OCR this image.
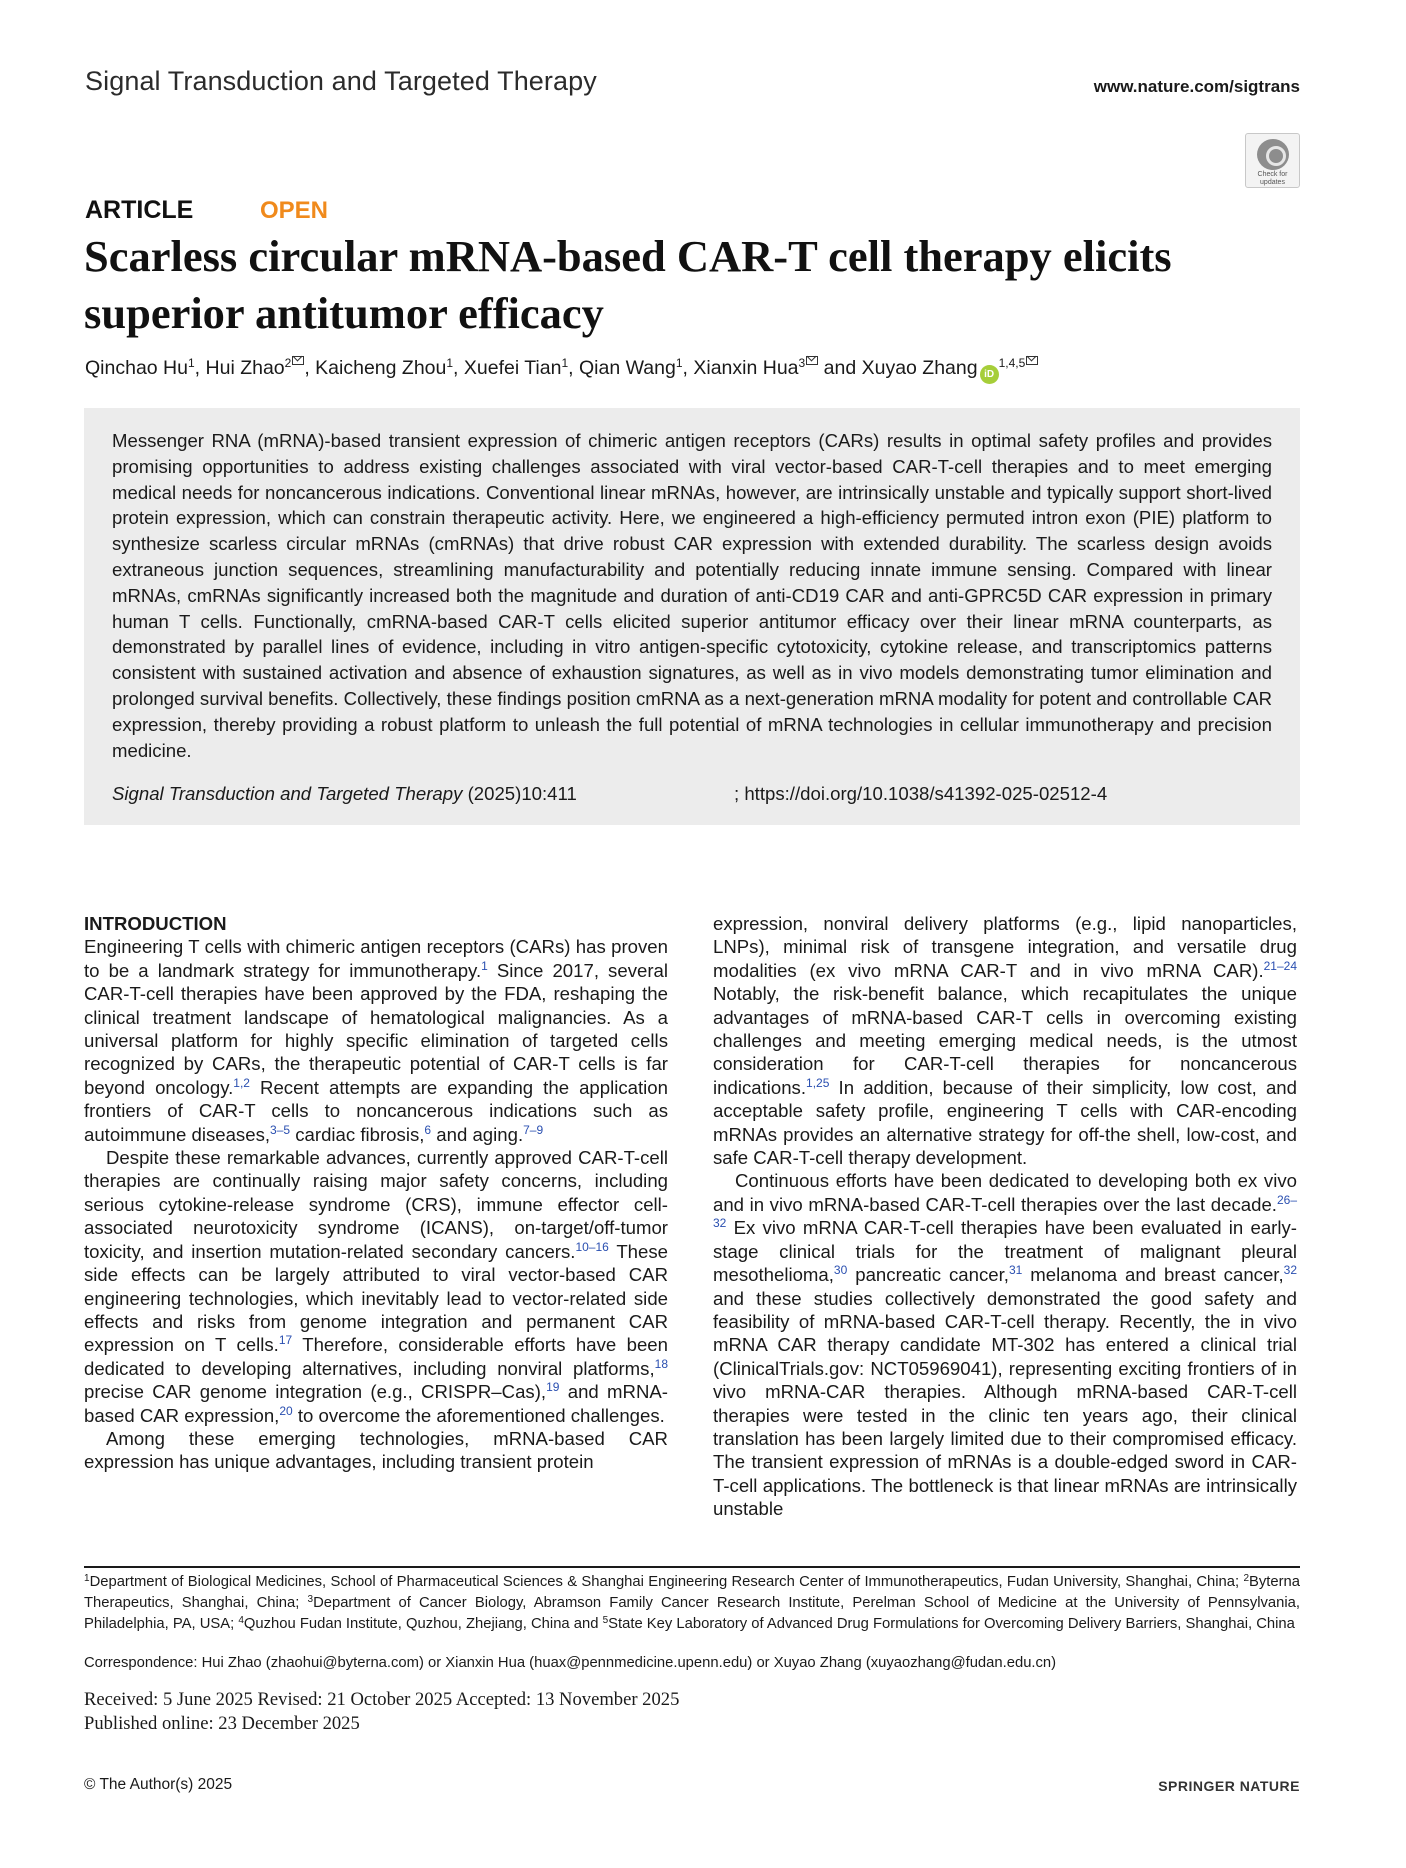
Signal Transduction and Targeted Therapy	www.nature.com/sigtrans
Check for updates
ARTICLE	OPEN
Scarless circular mRNA-based CAR-T cell therapy elicits superior antitumor efficacy
Qinchao Hu$^1$, Hui Zhao$^2$ , Kaicheng Zhou$^1$, Xuefei Tian$^1$, Qian Wang$^1$, Xianxin Hua$^3$ and Xuyao Zhang iD$^{1,4,5}$

Messenger RNA (mRNA)-based transient expression of chimeric antigen receptors (CARs) results in optimal safety profiles and provides promising opportunities to address existing challenges associated with viral vector-based CAR-T-cell therapies and to meet emerging medical needs for noncancerous indications. Conventional linear mRNAs, however, are intrinsically unstable and typically support short-lived protein expression, which can constrain therapeutic activity. Here, we engineered a high-efficiency permuted intron exon (PIE) platform to synthesize scarless circular mRNAs (cmRNAs) that drive robust CAR expression with extended durability. The scarless design avoids extraneous junction sequences, streamlining manufacturability and potentially reducing innate immune sensing. Compared with linear mRNAs, cmRNAs significantly increased both the magnitude and duration of anti-CD19 CAR and anti-GPRC5D CAR expression in primary human T cells. Functionally, cmRNA-based CAR-T cells elicited superior antitumor efficacy over their linear mRNA counterparts, as demonstrated by parallel lines of evidence, including in vitro antigen-specific cytotoxicity, cytokine release, and transcriptomics patterns consistent with sustained activation and absence of exhaustion signatures, as well as in vivo models demonstrating tumor elimination and prolonged survival benefits. Collectively, these findings position cmRNA as a next-generation mRNA modality for potent and controllable CAR expression, thereby providing a robust platform to unleash the full potential of mRNA technologies in cellular immunotherapy and precision medicine.

Signal Transduction and Targeted Therapy (2025)10:411	; https://doi.org/10.1038/s41392-025-02512-4
INTRODUCTION

Engineering T cells with chimeric antigen receptors (CARs) has proven to be a landmark strategy for immunotherapy.$^1$ Since 2017, several CAR-T-cell therapies have been approved by the FDA, reshaping the clinical treatment landscape of hematological malignancies. As a universal platform for highly specific elimination of targeted cells recognized by CARs, the therapeutic potential of CAR-T cells is far beyond oncology.$^{1,2}$ Recent attempts are expanding the application frontiers of CAR-T cells to noncancerous indications such as autoimmune diseases,$^{3-5}$ cardiac fibrosis,$^6$ and aging.$^{7-9}$

Despite these remarkable advances, currently approved CAR-T-cell therapies are continually raising major safety concerns, including serious cytokine-release syndrome (CRS), immune effector cell-associated neurotoxicity syndrome (ICANS), on-target/off-tumor toxicity, and insertion mutation-related secondary cancers.$^{10-16}$ These side effects can be largely attributed to viral vector-based CAR engineering technologies, which inevitably lead to vector-related side effects and risks from genome integration and permanent CAR expression on T cells.$^{17}$ Therefore, considerable efforts have been dedicated to developing alternatives, including nonviral platforms,$^{18}$ precise CAR genome integration (e.g., CRISPR–Cas),$^{19}$ and mRNA-based CAR expression,$^{20}$ to overcome the aforementioned challenges.

Among these emerging technologies, mRNA-based CAR expression has unique advantages, including transient protein

expression, nonviral delivery platforms (e.g., lipid nanoparticles, LNPs), minimal risk of transgene integration, and versatile drug modalities (ex vivo mRNA CAR-T and in vivo mRNA CAR).$^{21-24}$ Notably, the risk-benefit balance, which recapitulates the unique advantages of mRNA-based CAR-T cells in overcoming existing challenges and meeting emerging medical needs, is the utmost consideration for CAR-T-cell therapies for noncancerous indications.$^{1,25}$ In addition, because of their simplicity, low cost, and acceptable safety profile, engineering T cells with CAR-encoding mRNAs provides an alternative strategy for off-the shell, low-cost, and safe CAR-T-cell therapy development.

Continuous efforts have been dedicated to developing both ex vivo and in vivo mRNA-based CAR-T-cell therapies over the last decade.$^{26-32}$ Ex vivo mRNA CAR-T-cell therapies have been evaluated in early-stage clinical trials for the treatment of malignant pleural mesothelioma,$^{30}$ pancreatic cancer,$^{31}$ melanoma and breast cancer,$^{32}$ and these studies collectively demonstrated the good safety and feasibility of mRNA-based CAR-T-cell therapy. Recently, the in vivo mRNA CAR therapy candidate MT-302 has entered a clinical trial (ClinicalTrials.gov: NCT05969041), representing exciting frontiers of in vivo mRNA-CAR therapies. Although mRNA-based CAR-T-cell therapies were tested in the clinic ten years ago, their clinical translation has been largely limited due to their compromised efficacy. The transient expression of mRNAs is a double-edged sword in CAR-T-cell applications. The bottleneck is that linear mRNAs are intrinsically unstable

$^1$Department of Biological Medicines, School of Pharmaceutical Sciences & Shanghai Engineering Research Center of Immunotherapeutics, Fudan University, Shanghai, China; $^2$Byterna Therapeutics, Shanghai, China; $^3$Department of Cancer Biology, Abramson Family Cancer Research Institute, Perelman School of Medicine at the University of Pennsylvania, Philadelphia, PA, USA; $^4$Quzhou Fudan Institute, Quzhou, Zhejiang, China and $^5$State Key Laboratory of Advanced Drug Formulations for Overcoming Delivery Barriers, Shanghai, China
Correspondence: Hui Zhao (zhaohui@byterna.com) or Xianxin Hua (huax@pennmedicine.upenn.edu) or Xuyao Zhang (xuyaozhang@fudan.edu.cn)
Received: 5 June 2025 Revised: 21 October 2025 Accepted: 13 November 2025
Published online: 23 December 2025
© The Author(s) 2025	SPRINGER NATURE
